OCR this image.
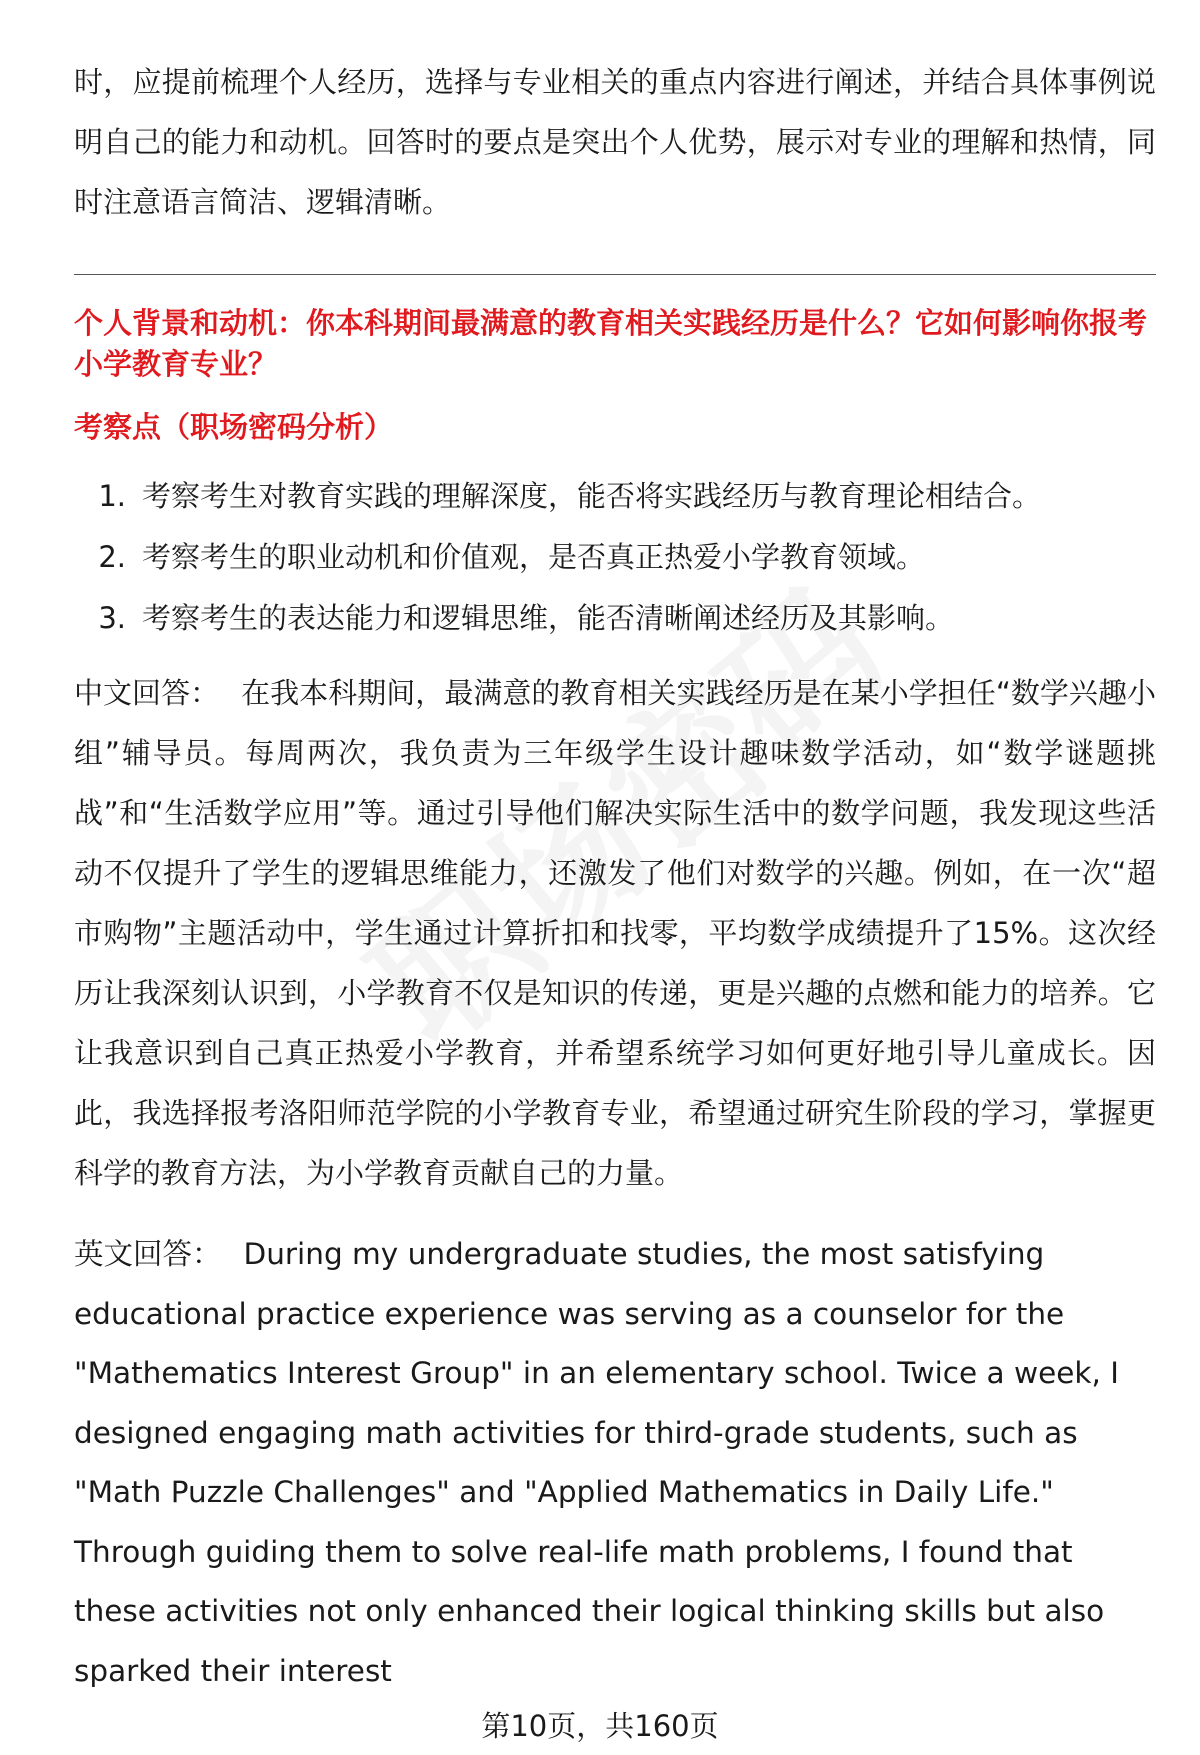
时，应提前梳理个人经历，选择与专业相关的重点内容进行阐述，并结合具体事例说明自己的能力和动机。回答时的要点是突出个人优势，展示对专业的理解和热情，同时注意语言简洁、逻辑清晰。

个人背景和动机：你本科期间最满意的教育相关实践经历是什么？它如何影响你报考小学教育专业？

考察点（职场密码分析）

1. 考察考生对教育实践的理解深度，能否将实践经历与教育理论相结合。
2. 考察考生的职业动机和价值观，是否真正热爱小学教育领域。
3. 考察考生的表达能力和逻辑思维，能否清晰阐述经历及其影响。

中文回答： 在我本科期间，最满意的教育相关实践经历是在某小学担任“数学兴趣小组”辅导员。每周两次，我负责为三年级学生设计趣味数学活动，如“数学谜题挑战”和“生活数学应用”等。通过引导他们解决实际生活中的数学问题，我发现这些活动不仅提升了学生的逻辑思维能力，还激发了他们对数学的兴趣。例如，在一次“超市购物”主题活动中，学生通过计算折扣和找零，平均数学成绩提升了15%。这次经历让我深刻认识到，小学教育不仅是知识的传递，更是兴趣的点燃和能力的培养。它让我意识到自己真正热爱小学教育，并希望系统学习如何更好地引导儿童成长。因此，我选择报考洛阳师范学院的小学教育专业，希望通过研究生阶段的学习，掌握更科学的教育方法，为小学教育贡献自己的力量。

英文回答： During my undergraduate studies, the most satisfying educational practice experience was serving as a counselor for the "Mathematics Interest Group" in an elementary school. Twice a week, I designed engaging math activities for third-grade students, such as "Math Puzzle Challenges" and "Applied Mathematics in Daily Life." Through guiding them to solve real-life math problems, I found that these activities not only enhanced their logical thinking skills but also sparked their interest

第10页，共160页
